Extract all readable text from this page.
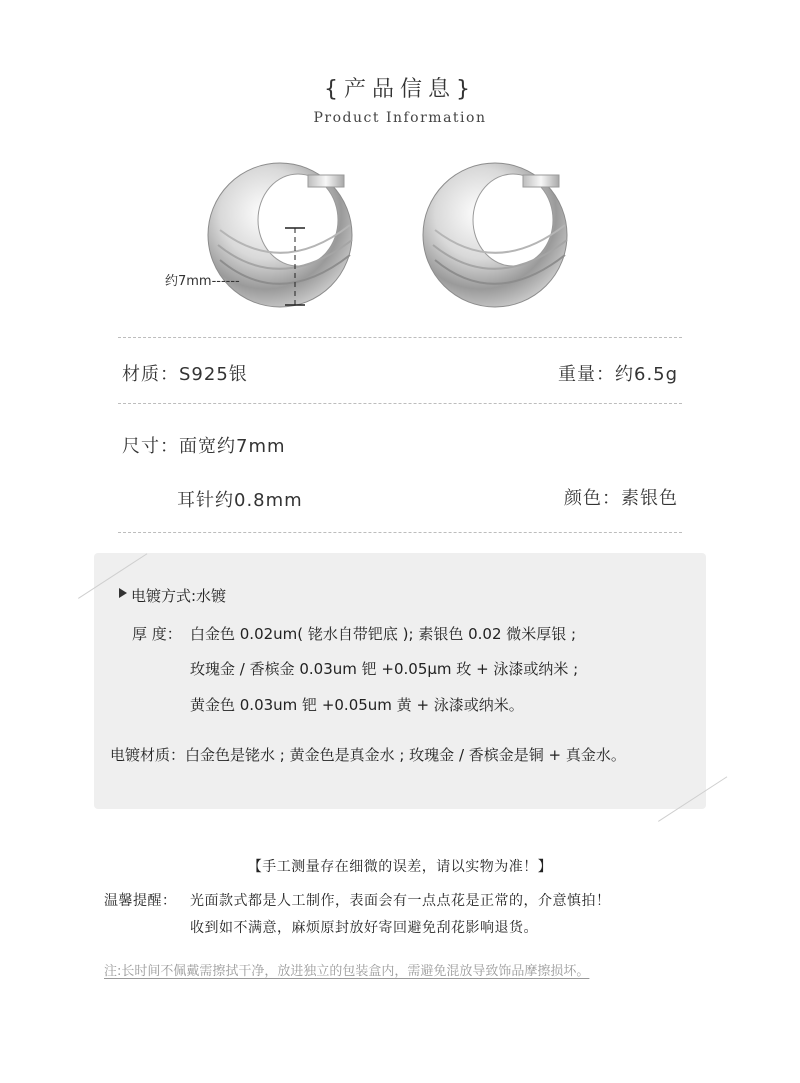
{产品信息}
Product Information
约7mm------
材质：S925银	重量：约6.5g
尺寸：面宽约7mm
耳针约0.8mm	颜色：素银色
电镀方式:水镀
厚 度： 白金色 0.02um( 铑水自带钯底 ); 素银色 0.02 微米厚银 ;
玫瑰金 / 香槟金 0.03um 钯 +0.05μm 玫 + 泳漆或纳米 ;
黄金色 0.03um 钯 +0.05um 黄 + 泳漆或纳米。
电镀材质：白金色是铑水 ; 黄金色是真金水 ; 玫瑰金 / 香槟金是铜 + 真金水。
【手工测量存在细微的误差，请以实物为准！】
温馨提醒： 光面款式都是人工制作，表面会有一点点花是正常的，介意慎拍！
收到如不满意，麻烦原封放好寄回避免刮花影响退货。
注:长时间不佩戴需擦拭干净，放进独立的包装盒内，需避免混放导致饰品摩擦损坏。
